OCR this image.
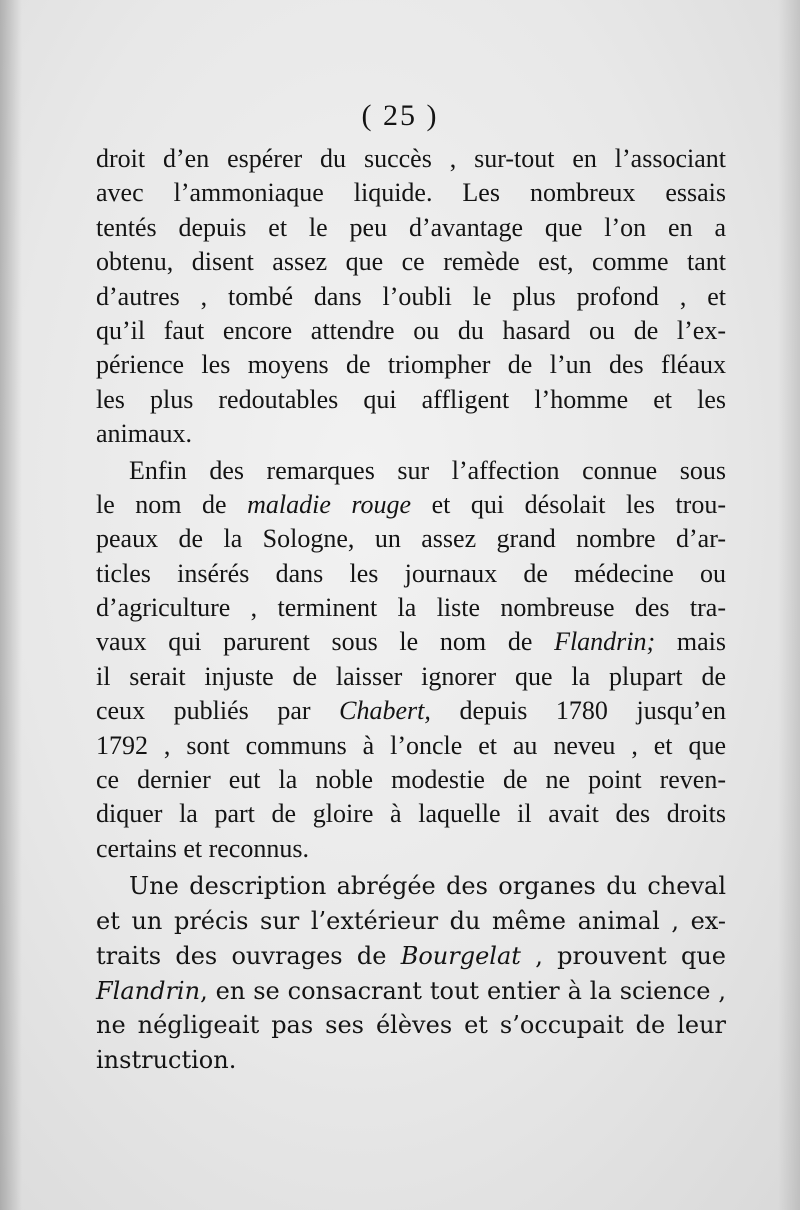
( 25 )

droit d’en espérer du succès , sur-tout en l’associant
avec l’ammoniaque liquide. Les nombreux essais
tentés depuis et le peu d’avantage que l’on en a
obtenu, disent assez que ce remède est, comme tant
d’autres , tombé dans l’oubli le plus profond , et
qu’il faut encore attendre ou du hasard ou de l’ex-
périence les moyens de triompher de l’un des fléaux
les plus redoutables qui affligent l’homme et les
animaux.

Enfin des remarques sur l’affection connue sous
le nom de maladie rouge et qui désolait les trou-
peaux de la Sologne, un assez grand nombre d’ar-
ticles insérés dans les journaux de médecine ou
d’agriculture , terminent la liste nombreuse des tra-
vaux qui parurent sous le nom de Flandrin; mais
il serait injuste de laisser ignorer que la plupart de
ceux publiés par Chabert, depuis 1780 jusqu’en
1792 , sont communs à l’oncle et au neveu , et que
ce dernier eut la noble modestie de ne point reven-
diquer la part de gloire à laquelle il avait des droits
certains et reconnus.

Une description abrégée des organes du cheval
et un précis sur l’extérieur du même animal , ex-
traits des ouvrages de Bourgelat , prouvent que
Flandrin, en se consacrant tout entier à la science ,
ne négligeait pas ses élèves et s’occupait de leur
instruction.
